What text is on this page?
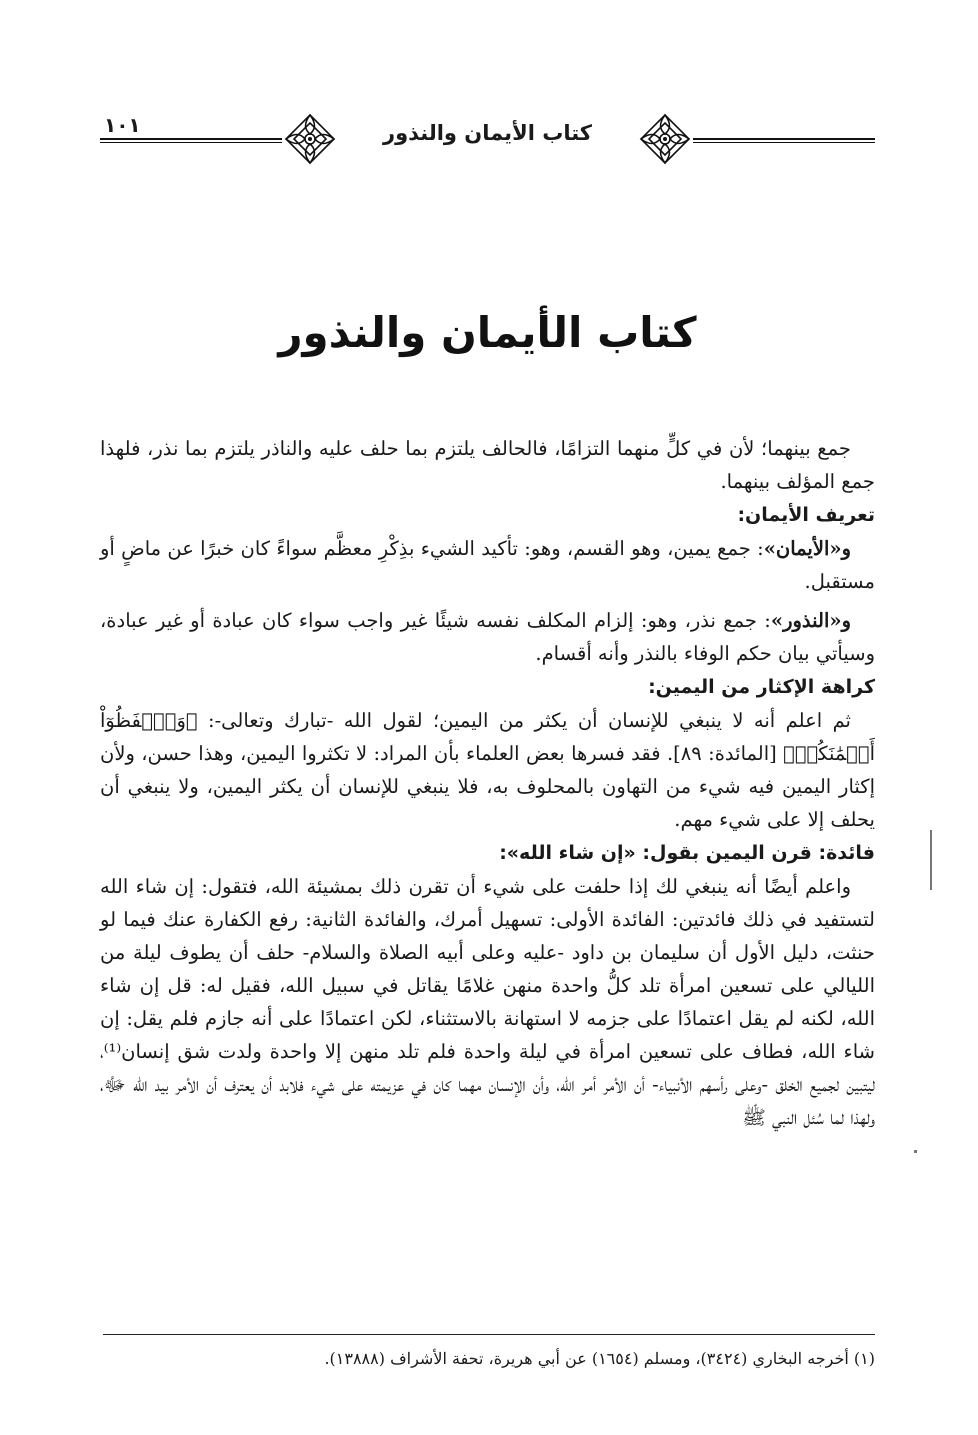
١٠١	كتاب الأيمان والنذور
كتاب الأيمان والنذور

جمع بينهما؛ لأن في كلٍّ منهما التزامًا، فالحالف يلتزم بما حلف عليه والناذر يلتزم بما نذر، فلهذا جمع المؤلف بينهما.

تعريف الأيمان:

و«الأيمان»: جمع يمين، وهو القسم، وهو: تأكيد الشيء بذِكْرِ معظَّم سواءً كان خبرًا عن ماضٍ أو مستقبل.

و«النذور»: جمع نذر، وهو: إلزام المكلف نفسه شيئًا غير واجب سواء كان عبادة أو غير عبادة، وسيأتي بيان حكم الوفاء بالنذر وأنه أقسام.

كراهة الإكثار من اليمين:

ثم اعلم أنه لا ينبغي للإنسان أن يكثر من اليمين؛ لقول الله -تبارك وتعالى-: ﴿وَٱحۡفَظُوٓاْ أَيۡمَٰنَكُمۡ﴾ [المائدة: ٨٩]. فقد فسرها بعض العلماء بأن المراد: لا تكثروا اليمين، وهذا حسن، ولأن إكثار اليمين فيه شيء من التهاون بالمحلوف به، فلا ينبغي للإنسان أن يكثر اليمين، ولا ينبغي أن يحلف إلا على شيء مهم.

فائدة: قرن اليمين بقول: «إن شاء الله»:

واعلم أيضًا أنه ينبغي لك إذا حلفت على شيء أن تقرن ذلك بمشيئة الله، فتقول: إن شاء الله لتستفيد في ذلك فائدتين: الفائدة الأولى: تسهيل أمرك، والفائدة الثانية: رفع الكفارة عنك فيما لو حنثت، دليل الأول أن سليمان بن داود -عليه وعلى أبيه الصلاة والسلام- حلف أن يطوف ليلة من الليالي على تسعين امرأة تلد كلُّ واحدة منهن غلامًا يقاتل في سبيل الله، فقيل له: قل إن شاء الله، لكنه لم يقل اعتمادًا على جزمه لا استهانة بالاستثناء، لكن اعتمادًا على أنه جازم فلم يقل: إن شاء الله، فطاف على تسعين امرأة في ليلة واحدة فلم تلد منهن إلا واحدة ولدت شق إنسان⁽¹⁾، ليتبين لجميع الخلق -وعلى رأسهم الأنبياء- أن الأمر أمر الله، وأن الإنسان مهما كان في عزيمته على شيء فلابد أن يعترف أن الأمر بيد الله ﷻ، ولهذا لما سُئل النبي ﷺ

(١) أخرجه البخاري (٣٤٢٤)، ومسلم (١٦٥٤) عن أبي هريرة، تحفة الأشراف (١٣٨٨٨).
